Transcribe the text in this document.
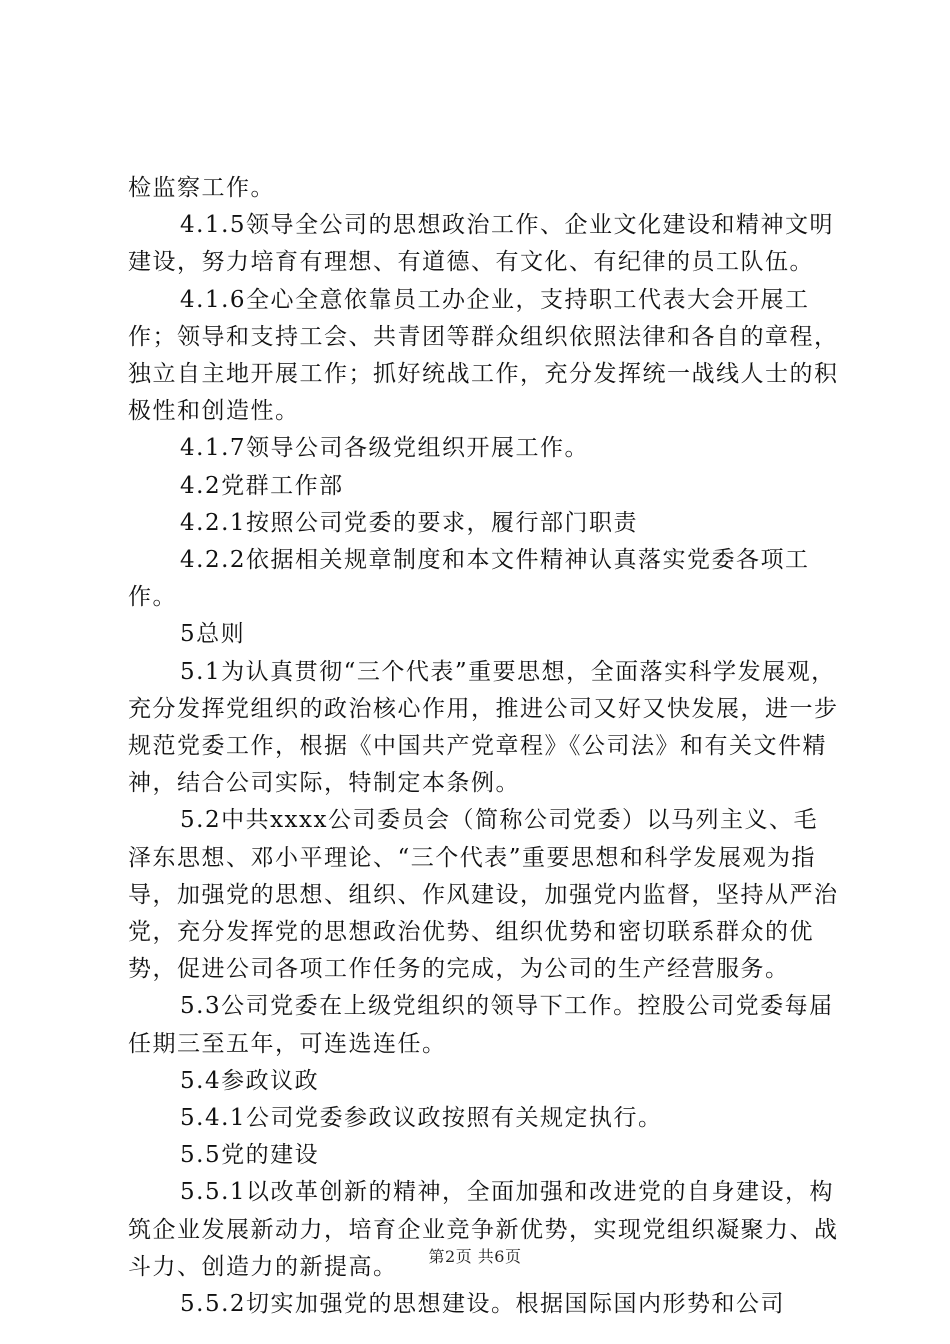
检监察工作。

4.1.5领导全公司的思想政治工作、企业文化建设和精神文明建设，努力培育有理想、有道德、有文化、有纪律的员工队伍。

4.1.6全心全意依靠员工办企业，支持职工代表大会开展工作；领导和支持工会、共青团等群众组织依照法律和各自的章程，独立自主地开展工作；抓好统战工作，充分发挥统一战线人士的积极性和创造性。

4.1.7领导公司各级党组织开展工作。

4.2党群工作部

4.2.1按照公司党委的要求，履行部门职责

4.2.2依据相关规章制度和本文件精神认真落实党委各项工作。

5总则

5.1为认真贯彻“三个代表”重要思想，全面落实科学发展观，充分发挥党组织的政治核心作用，推进公司又好又快发展，进一步规范党委工作，根据《中国共产党章程》《公司法》和有关文件精神，结合公司实际，特制定本条例。

5.2中共xxxx公司委员会（简称公司党委）以马列主义、毛泽东思想、邓小平理论、“三个代表”重要思想和科学发展观为指导，加强党的思想、组织、作风建设，加强党内监督，坚持从严治党，充分发挥党的思想政治优势、组织优势和密切联系群众的优势，促进公司各项工作任务的完成，为公司的生产经营服务。

5.3公司党委在上级党组织的领导下工作。控股公司党委每届任期三至五年，可连选连任。

5.4参政议政

5.4.1公司党委参政议政按照有关规定执行。

5.5党的建设

5.5.1以改革创新的精神，全面加强和改进党的自身建设，构筑企业发展新动力，培育企业竞争新优势，实现党组织凝聚力、战斗力、创造力的新提高。

5.5.2切实加强党的思想建设。根据国际国内形势和公司

第2页 共6页
